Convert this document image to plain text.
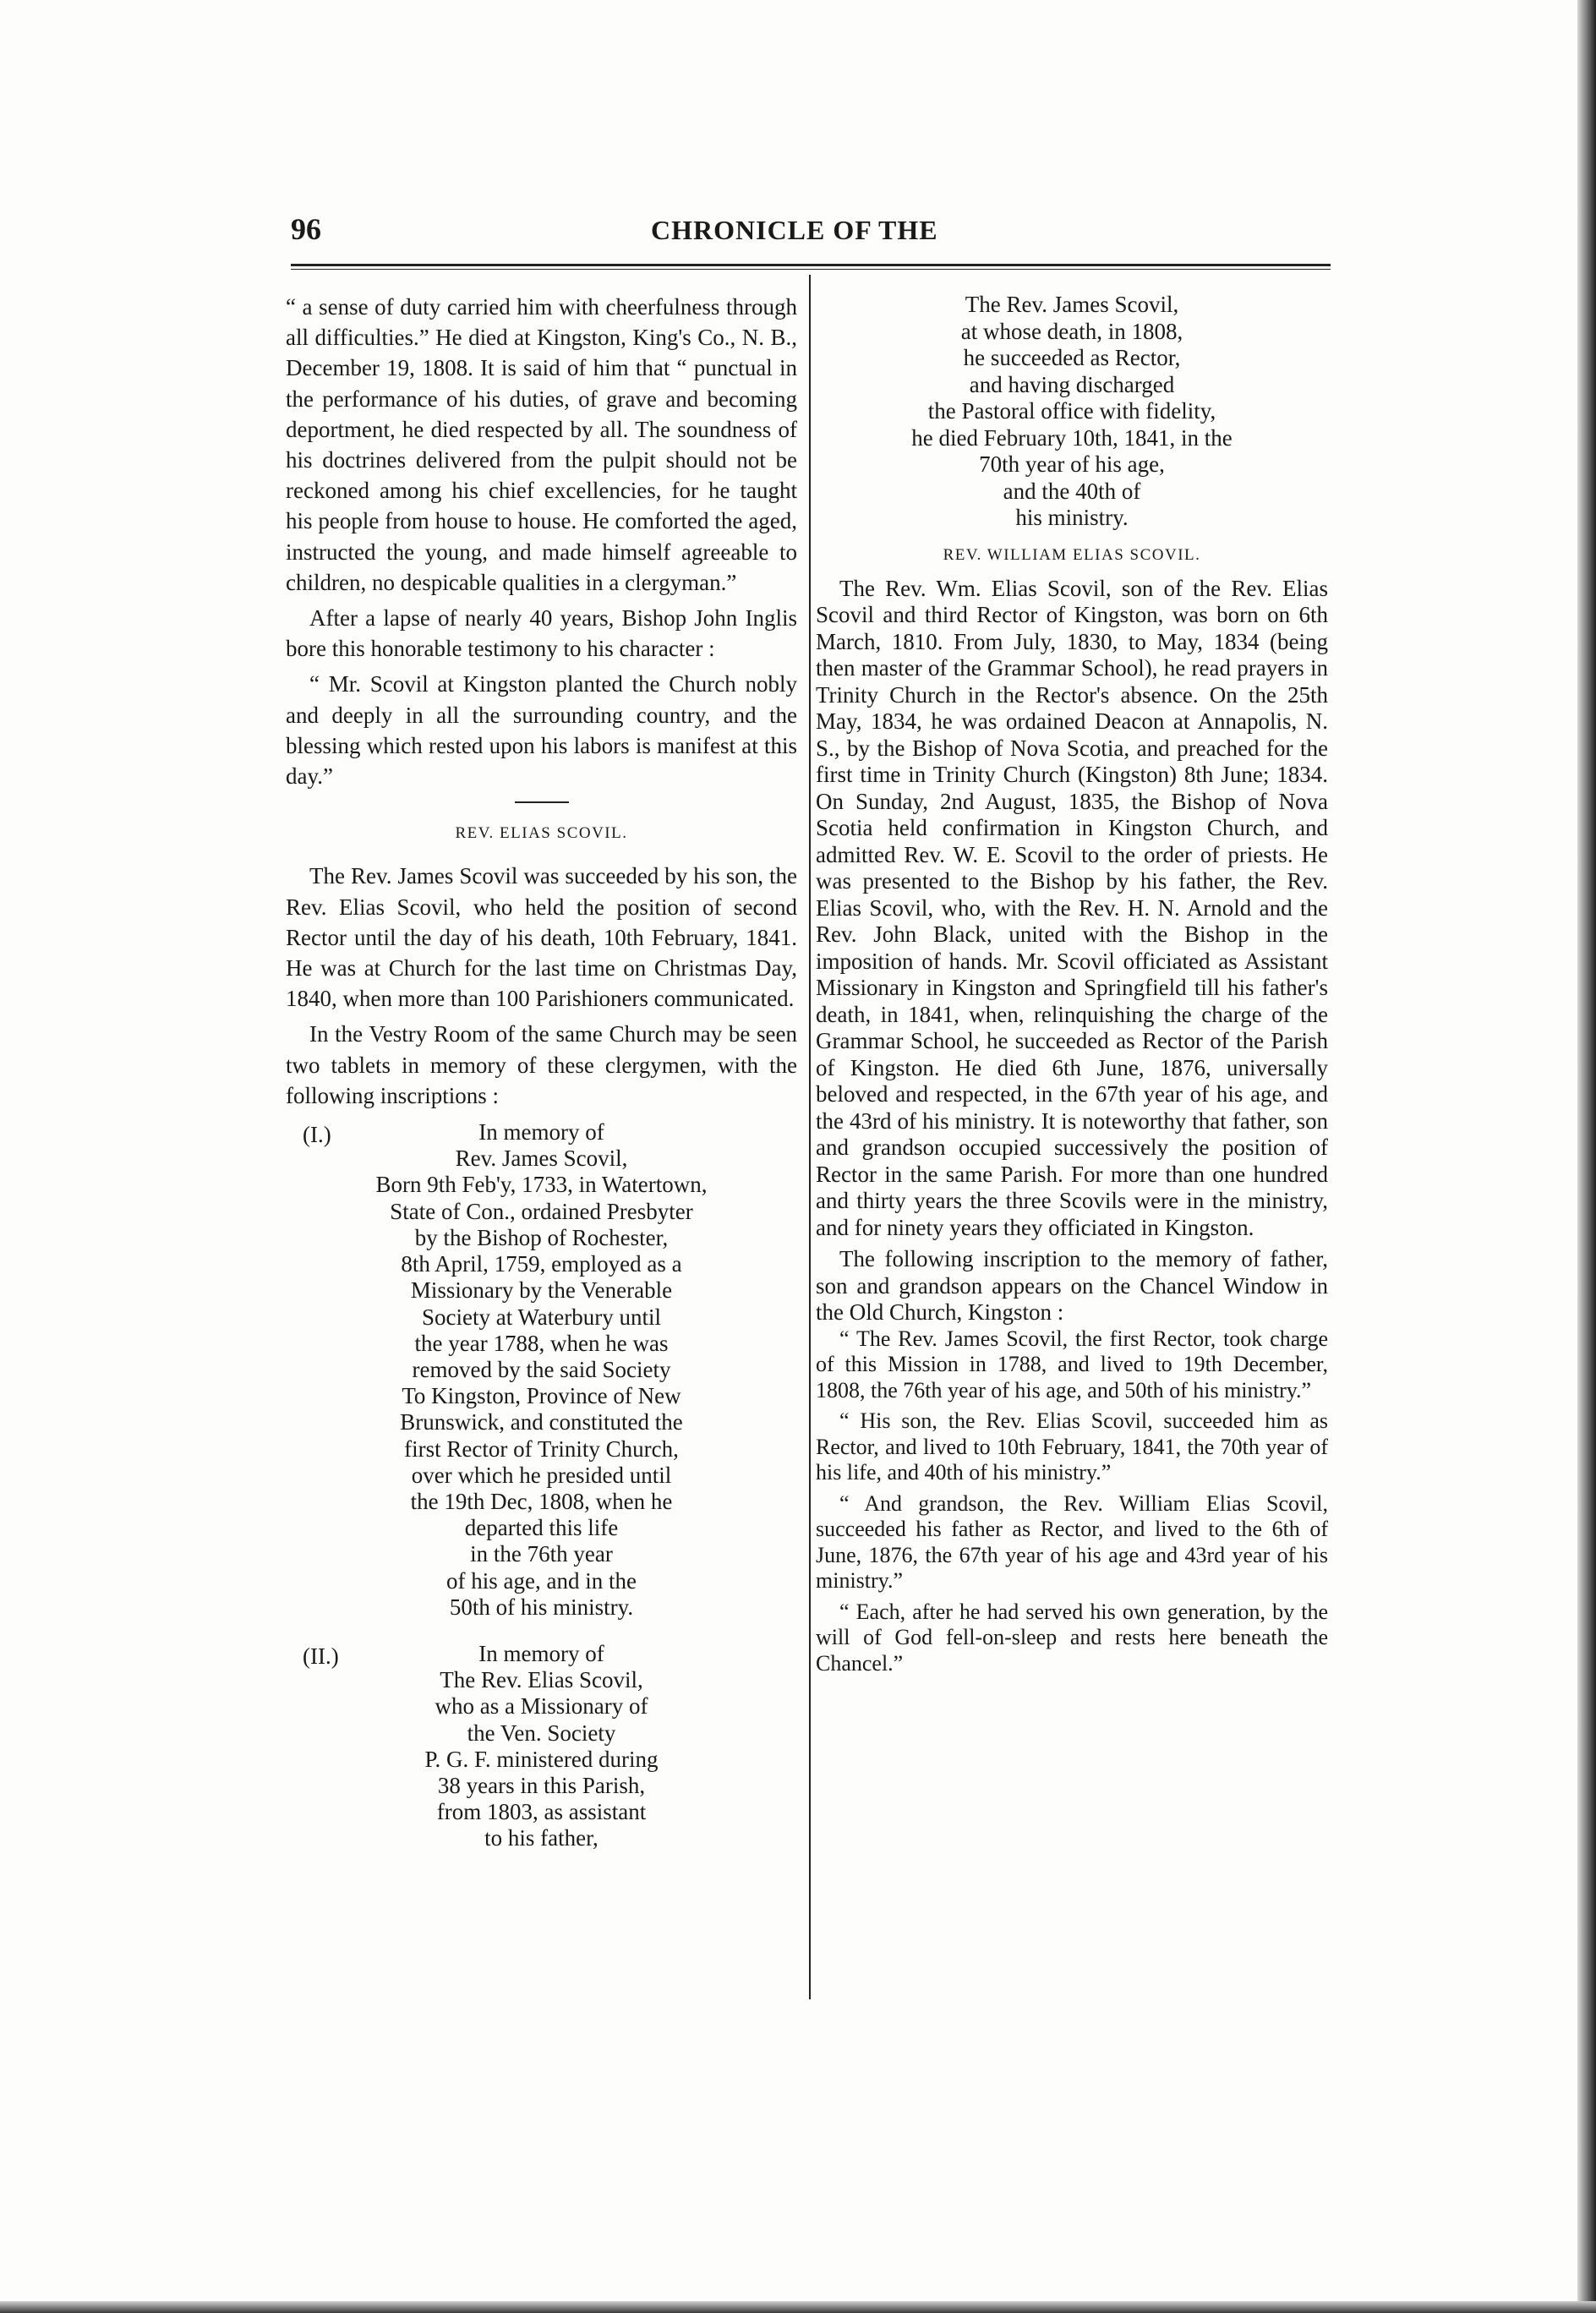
96	CHRONICLE OF THE

“ a sense of duty carried him with cheerfulness through all difficulties.” He died at Kingston, King's Co., N. B., December 19, 1808. It is said of him that “ punctual in the performance of his duties, of grave and becoming deportment, he died respected by all. The soundness of his doctrines delivered from the pulpit should not be reckoned among his chief excellencies, for he taught his people from house to house. He comforted the aged, instructed the young, and made himself agreeable to children, no despicable qualities in a clergyman.”

After a lapse of nearly 40 years, Bishop John Inglis bore this honorable testimony to his character :

“ Mr. Scovil at Kingston planted the Church nobly and deeply in all the surrounding country, and the blessing which rested upon his labors is manifest at this day.”

REV. ELIAS SCOVIL.

The Rev. James Scovil was succeeded by his son, the Rev. Elias Scovil, who held the position of second Rector until the day of his death, 10th February, 1841. He was at Church for the last time on Christmas Day, 1840, when more than 100 Parishioners communicated.

In the Vestry Room of the same Church may be seen two tablets in memory of these clergymen, with the following inscriptions :

(I.)	In memory of
Rev. James Scovil,
Born 9th Feb'y, 1733, in Watertown,
State of Con., ordained Presbyter
by the Bishop of Rochester,
8th April, 1759, employed as a
Missionary by the Venerable
Society at Waterbury until
the year 1788, when he was
removed by the said Society
To Kingston, Province of New
Brunswick, and constituted the
first Rector of Trinity Church,
over which he presided until
the 19th Dec, 1808, when he
departed this life
in the 76th year
of his age, and in the
50th of his ministry.
(II.)	In memory of
The Rev. Elias Scovil,
who as a Missionary of
the Ven. Society
P. G. F. ministered during
38 years in this Parish,
from 1803, as assistant
to his father,
The Rev. James Scovil,
at whose death, in 1808,
he succeeded as Rector,
and having discharged
the Pastoral office with fidelity,
he died February 10th, 1841, in the
70th year of his age,
and the 40th of
his ministry.
REV. WILLIAM ELIAS SCOVIL.

The Rev. Wm. Elias Scovil, son of the Rev. Elias Scovil and third Rector of Kingston, was born on 6th March, 1810. From July, 1830, to May, 1834 (being then master of the Grammar School), he read prayers in Trinity Church in the Rector's absence. On the 25th May, 1834, he was ordained Deacon at Annapolis, N. S., by the Bishop of Nova Scotia, and preached for the first time in Trinity Church (Kingston) 8th June; 1834. On Sunday, 2nd August, 1835, the Bishop of Nova Scotia held confirmation in Kingston Church, and admitted Rev. W. E. Scovil to the order of priests. He was presented to the Bishop by his father, the Rev. Elias Scovil, who, with the Rev. H. N. Arnold and the Rev. John Black, united with the Bishop in the imposition of hands. Mr. Scovil officiated as Assistant Missionary in Kingston and Springfield till his father's death, in 1841, when, relinquishing the charge of the Grammar School, he succeeded as Rector of the Parish of Kingston. He died 6th June, 1876, universally beloved and respected, in the 67th year of his age, and the 43rd of his ministry. It is noteworthy that father, son and grandson occupied successively the position of Rector in the same Parish. For more than one hundred and thirty years the three Scovils were in the ministry, and for ninety years they officiated in Kingston.

The following inscription to the memory of father, son and grandson appears on the Chancel Window in the Old Church, Kingston :

“ The Rev. James Scovil, the first Rector, took charge of this Mission in 1788, and lived to 19th December, 1808, the 76th year of his age, and 50th of his ministry.”

“ His son, the Rev. Elias Scovil, succeeded him as Rector, and lived to 10th February, 1841, the 70th year of his life, and 40th of his ministry.”

“ And grandson, the Rev. William Elias Scovil, succeeded his father as Rector, and lived to the 6th of June, 1876, the 67th year of his age and 43rd year of his ministry.”

“ Each, after he had served his own generation, by the will of God fell-on-sleep and rests here beneath the Chancel.”
